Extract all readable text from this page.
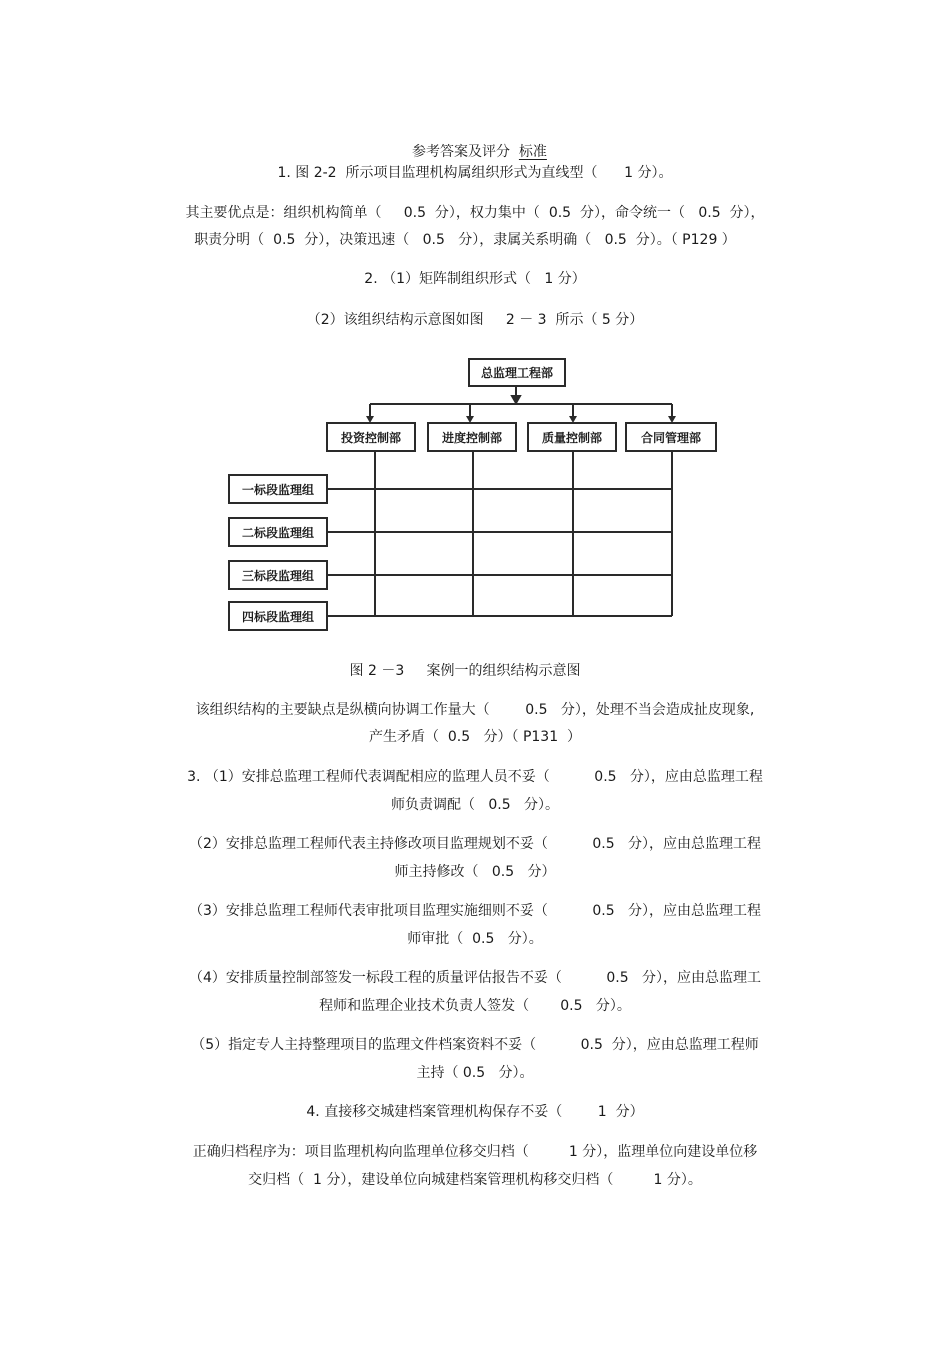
参考答案及评分 标准

1. 图 2-2  所示项目监理机构属组织形式为直线型（      1 分）。
其主要优点是：组织机构简单（     0.5  分），权力集中（  0.5  分），命令统一（   0.5  分），
职责分明（  0.5  分），决策迅速（   0.5   分），隶属关系明确（   0.5  分）。（ P129 ）
2. （1）矩阵制组织形式（   1 分）
（2）该组织结构示意图如图     2 － 3  所示（ 5 分）
总监理工程部
投资控制部	进度控制部	质量控制部	合同管理部
一标段监理组
二标段监理组
三标段监理组
四标段监理组
图 2 －3     案例一的组织结构示意图
该组织结构的主要缺点是纵横向协调工作量大（        0.5   分），处理不当会造成扯皮现象,
产生矛盾（  0.5   分）（ P131  ）
3. （1）安排总监理工程师代表调配相应的监理人员不妥（          0.5   分），应由总监理工程
师负责调配（   0.5   分）。
（2）安排总监理工程师代表主持修改项目监理规划不妥（          0.5   分），应由总监理工程
师主持修改（   0.5   分）
（3）安排总监理工程师代表审批项目监理实施细则不妥（          0.5   分），应由总监理工程
师审批（  0.5   分）。
（4）安排质量控制部签发一标段工程的质量评估报告不妥（          0.5   分），应由总监理工
程师和监理企业技术负责人签发（       0.5   分）。
（5）指定专人主持整理项目的监理文件档案资料不妥（          0.5  分），应由总监理工程师
主持（ 0.5   分）。
4. 直接移交城建档案管理机构保存不妥（        1  分）
正确归档程序为：项目监理机构向监理单位移交归档（         1 分），监理单位向建设单位移
交归档（  1 分），建设单位向城建档案管理机构移交归档（         1 分）。
